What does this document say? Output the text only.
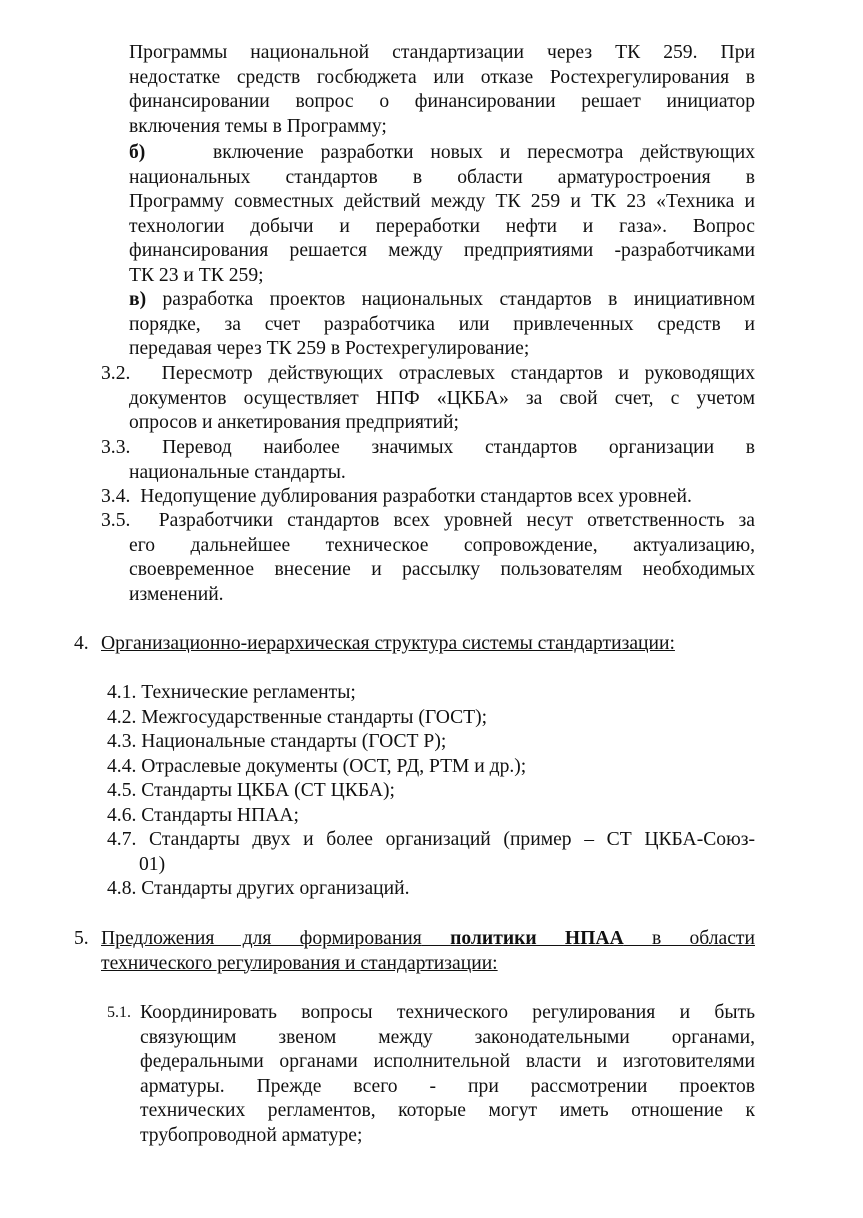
Программы национальной стандартизации через ТК 259. При
недостатке средств госбюджета или отказе Ростехрегулирования в
финансировании вопрос о финансировании решает инициатор
включения темы в Программу;
б)	включение разработки новых и пересмотра действующих
национальных стандартов в области арматуростроения в
Программу совместных действий между ТК 259 и ТК 23 «Техника и
технологии добычи и переработки нефти и газа». Вопрос
финансирования решается между предприятиями -разработчиками
ТК 23 и ТК 259;
в) разработка проектов национальных стандартов в инициативном
порядке, за счет разработчика или привлеченных средств и
передавая через ТК 259 в Ростехрегулирование;
3.2. Пересмотр действующих отраслевых стандартов и руководящих
документов осуществляет НПФ «ЦКБА» за свой счет, с учетом
опросов и анкетирования предприятий;
3.3. Перевод наиболее значимых стандартов организации в
национальные стандарты.
3.4. Недопущение дублирования разработки стандартов всех уровней.
3.5. Разработчики стандартов всех уровней несут ответственность за
его дальнейшее техническое сопровождение, актуализацию,
своевременное внесение и рассылку пользователям необходимых
изменений.
4. Организационно-иерархическая структура системы стандартизации:
4.1. Технические регламенты;
4.2. Межгосударственные стандарты (ГОСТ);
4.3. Национальные стандарты (ГОСТ Р);
4.4. Отраслевые документы (ОСТ, РД, РТМ и др.);
4.5. Стандарты ЦКБА (СТ ЦКБА);
4.6. Стандарты НПАА;
4.7. Стандарты двух и более организаций (пример – СТ ЦКБА-Союз-
01)
4.8. Стандарты других организаций.
5. Предложения для формирования политики НПАА в области
технического регулирования и стандартизации:
5.1. Координировать вопросы технического регулирования и быть
связующим звеном между законодательными органами,
федеральными органами исполнительной власти и изготовителями
арматуры. Прежде всего - при рассмотрении проектов
технических регламентов, которые могут иметь отношение к
трубопроводной арматуре;
